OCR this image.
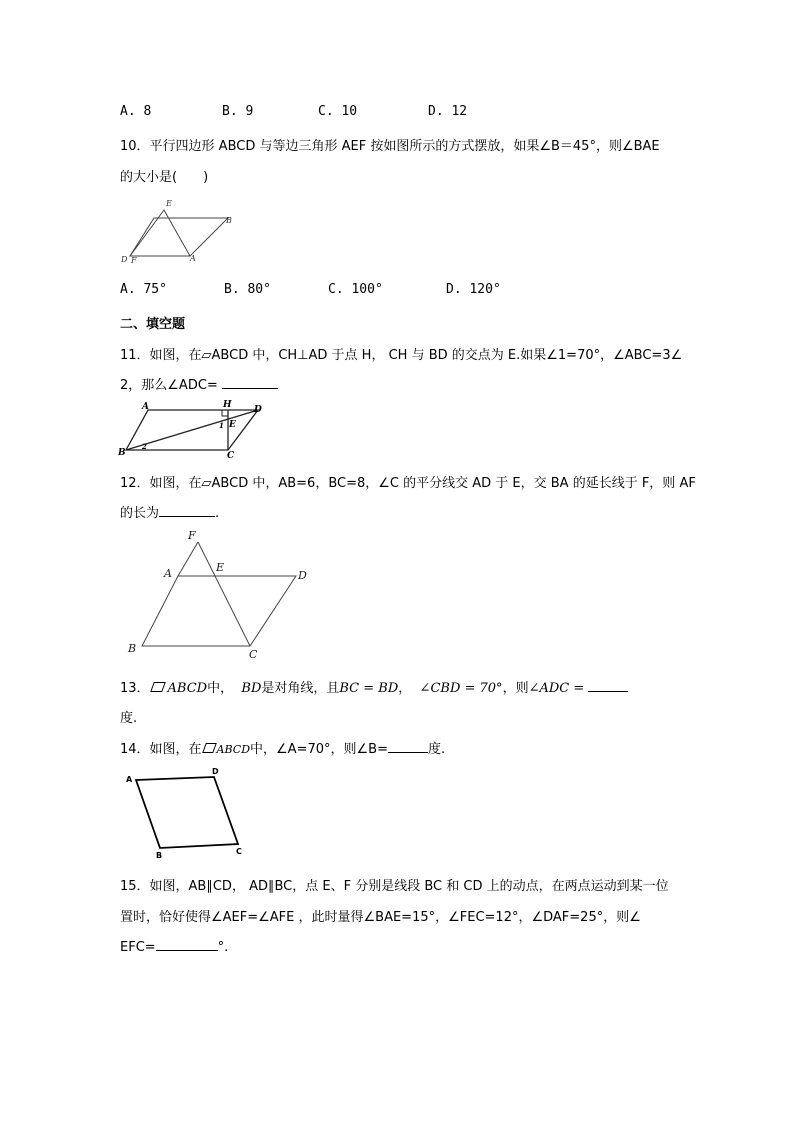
A. 8	B. 9	C. 10	D. 12
10．平行四边形 ABCD 与等边三角形 AEF 按如图所示的方式摆放，如果∠B＝45°，则∠BAE
的大小是(　　)
E
B
D F	A
A. 75°	B. 80°	C. 100°	D. 120°
二、填空题
11．如图，在▱ABCD 中，CH⊥AD 于点 H， CH 与 BD 的交点为 E.如果∠1=70°，∠ABC=3∠
2，那么∠ADC=
A	H D
E
1
B
2
C
12．如图，在▱ABCD 中，AB=6，BC=8，∠C 的平分线交 AD 于 E，交 BA 的延长线于 F，则 AF
的长为	.
F
A	E
D
B	C
13． ABCD中， BD是对角线，且BC = BD， ∠CBD = 70°，则∠ADC =
度.
14．如图，在 ABCD中，∠A=70°，则∠B=	度.
A
D
B	C
15．如图，AB∥CD， AD∥BC，点 E、F 分别是线段 BC 和 CD 上的动点，在两点运动到某一位
置时，恰好使得∠AEF=∠AFE ，此时量得∠BAE=15°，∠FEC=12°，∠DAF=25°，则∠
EFC=	°.
